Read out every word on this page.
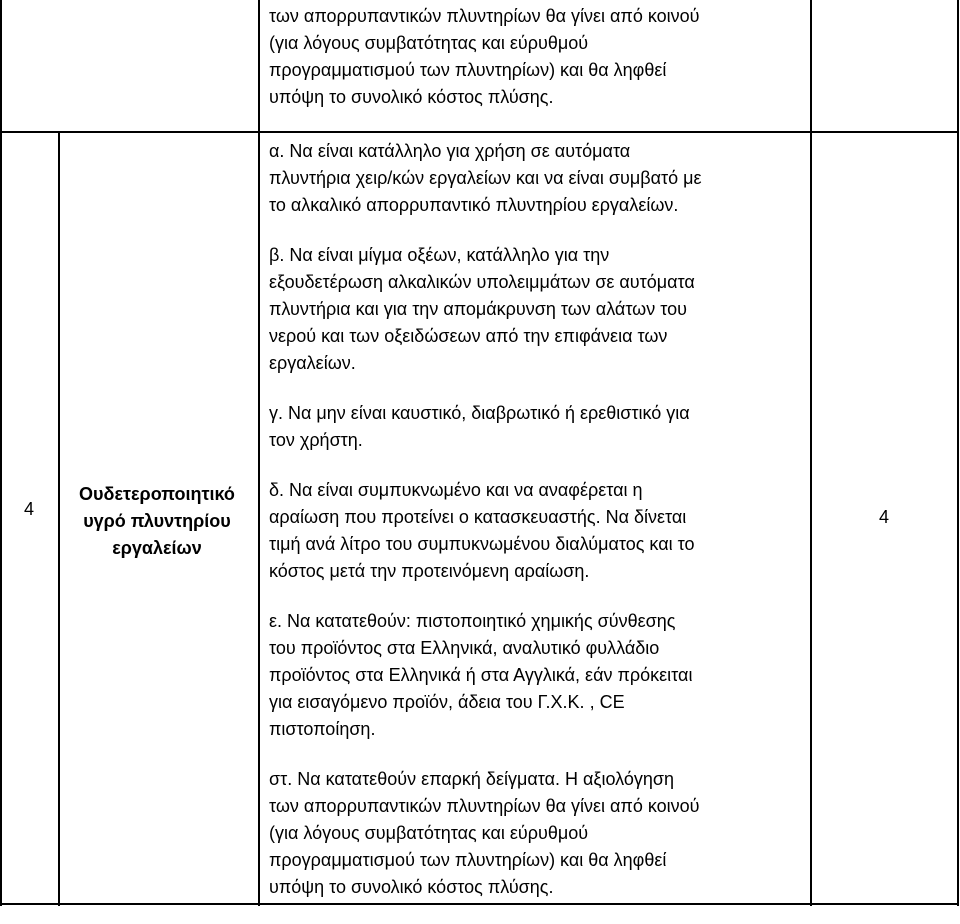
των απορρυπαντικών πλυντηρίων θα γίνει από κοινού
(για λόγους συμβατότητας και εύρυθμού
προγραμματισμού των πλυντηρίων) και θα ληφθεί
υπόψη το συνολικό κόστος πλύσης.
4
Ουδετεροποιητικό
υγρό πλυντηρίου
εργαλείων
α. Να είναι κατάλληλο για χρήση σε αυτόματα
πλυντήρια χειρ/κών εργαλείων και να είναι συμβατό με
το αλκαλικό απορρυπαντικό πλυντηρίου εργαλείων.
β. Να είναι μίγμα οξέων, κατάλληλο για την
εξουδετέρωση αλκαλικών υπολειμμάτων σε αυτόματα
πλυντήρια και για την απομάκρυνση των αλάτων του
νερού και των οξειδώσεων από την επιφάνεια των
εργαλείων.
γ. Να μην είναι καυστικό, διαβρωτικό ή ερεθιστικό για
τον χρήστη.
δ. Να είναι συμπυκνωμένο και να αναφέρεται η
αραίωση που προτείνει ο κατασκευαστής. Να δίνεται
τιμή ανά λίτρο του συμπυκνωμένου διαλύματος και το
κόστος μετά την προτεινόμενη αραίωση.
ε. Να κατατεθούν: πιστοποιητικό χημικής σύνθεσης
του προϊόντος στα Ελληνικά, αναλυτικό φυλλάδιο
προϊόντος στα Ελληνικά ή στα Αγγλικά, εάν πρόκειται
για εισαγόμενο προϊόν, άδεια του Γ.Χ.Κ. , CE
πιστοποίηση.
στ. Να κατατεθούν επαρκή δείγματα. Η αξιολόγηση
των απορρυπαντικών πλυντηρίων θα γίνει από κοινού
(για λόγους συμβατότητας και εύρυθμού
προγραμματισμού των πλυντηρίων) και θα ληφθεί
υπόψη το συνολικό κόστος πλύσης.
4
